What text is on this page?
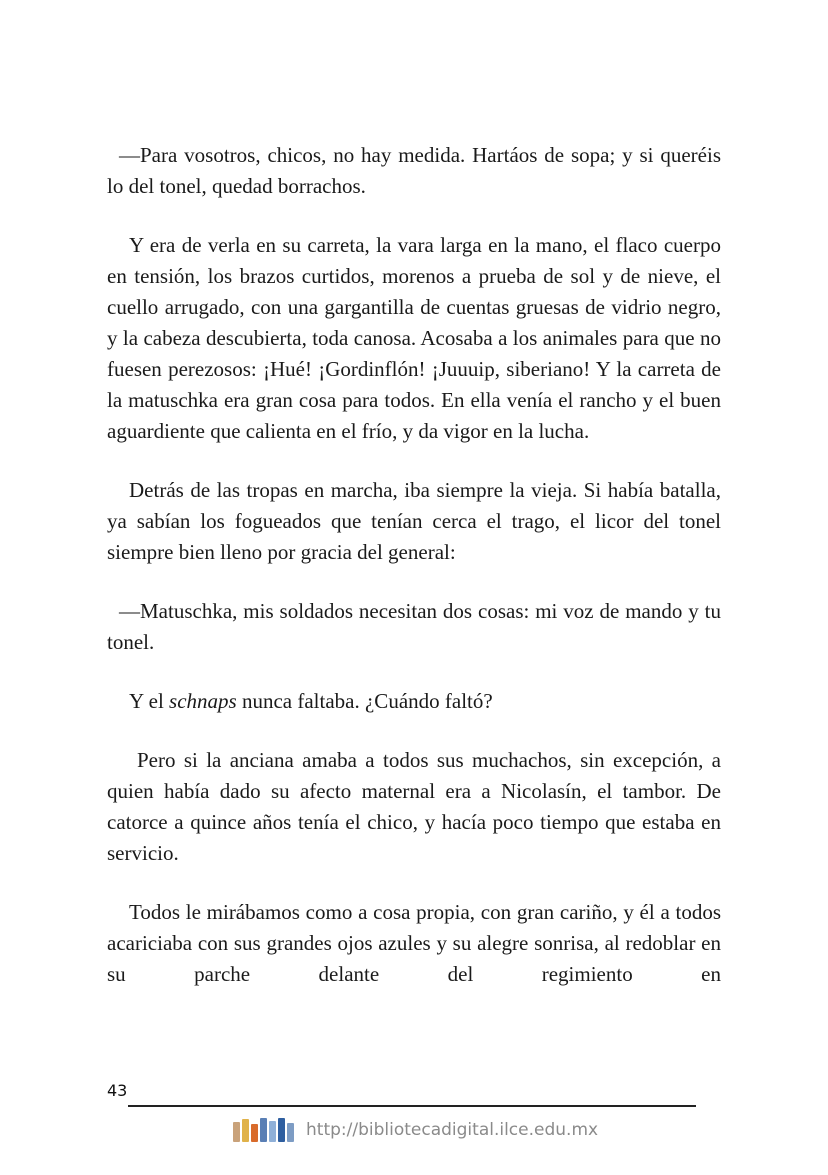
—Para vosotros, chicos, no hay medida. Hartáos de sopa; y si queréis lo del tonel, quedad borrachos.

Y era de verla en su carreta, la vara larga en la mano, el flaco cuerpo en tensión, los brazos curtidos, morenos a prueba de sol y de nieve, el cuello arrugado, con una gargantilla de cuentas gruesas de vidrio negro, y la cabeza descubierta, toda canosa. Acosaba a los animales para que no fuesen perezosos: ¡Hué! ¡Gordinflón! ¡Juuuip, siberiano! Y la carreta de la matuschka era gran cosa para todos. En ella venía el rancho y el buen aguardiente que calienta en el frío, y da vigor en la lucha.

Detrás de las tropas en marcha, iba siempre la vieja. Si había batalla, ya sabían los fogueados que tenían cerca el trago, el licor del tonel siempre bien lleno por gracia del general:

—Matuschka, mis soldados necesitan dos cosas: mi voz de mando y tu tonel.

Y el schnaps nunca faltaba. ¿Cuándo faltó?

Pero si la anciana amaba a todos sus muchachos, sin excepción, a quien había dado su afecto maternal era a Nicolasín, el tambor. De catorce a quince años tenía el chico, y hacía poco tiempo que estaba en servicio.

Todos le mirábamos como a cosa propia, con gran cariño, y él a todos acariciaba con sus grandes ojos azules y su alegre sonrisa, al redoblar en su parche delante del regimiento en

43
http://bibliotecadigital.ilce.edu.mx
